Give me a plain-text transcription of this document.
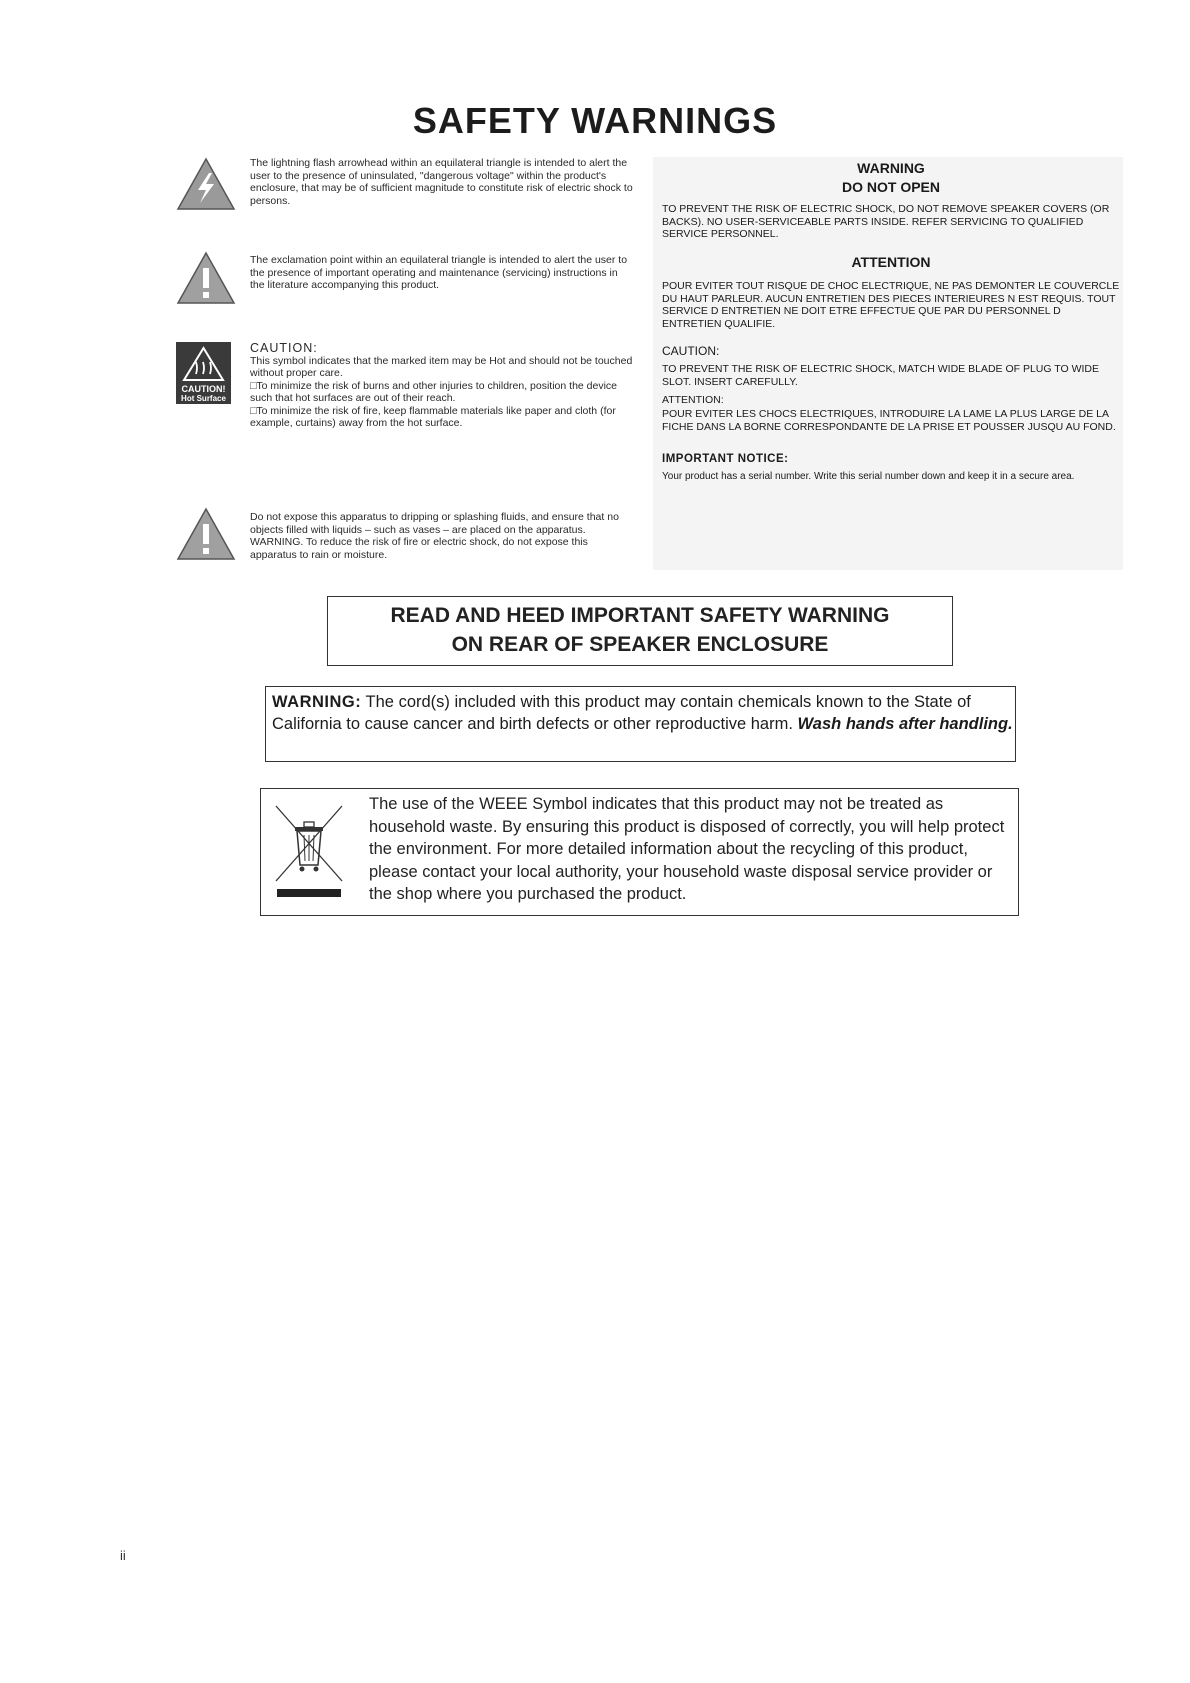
SAFETY WARNINGS
CAUTION!
Hot Surface

The lightning flash arrowhead within an equilateral triangle is intended to alert the user to the presence of uninsulated, "dangerous voltage" within the product's enclosure, that may be of sufficient magnitude to constitute risk of electric shock to persons.

The exclamation point within an equilateral triangle is intended to alert the user to the presence of important operating and maintenance (servicing) instructions in the literature accompanying this product.

CAUTION:

This symbol indicates that the marked item may be Hot and should not be touched without proper care.

□To minimize the risk of burns and other injuries to children, position the device such that hot surfaces are out of their reach.

□To minimize the risk of fire, keep flammable materials like paper and cloth (for example, curtains) away from the hot surface.

Do not expose this apparatus to dripping or splashing fluids, and ensure that no objects filled with liquids – such as vases – are placed on the apparatus. WARNING. To reduce the risk of fire or electric shock, do not expose this apparatus to rain or moisture.

WARNING
DO NOT OPEN
TO PREVENT THE RISK OF ELECTRIC SHOCK, DO NOT REMOVE SPEAKER COVERS (OR BACKS). NO USER-SERVICEABLE PARTS INSIDE. REFER SERVICING TO QUALIFIED SERVICE PERSONNEL.
ATTENTION
POUR EVITER TOUT RISQUE DE CHOC ELECTRIQUE, NE PAS DEMONTER LE COUVERCLE DU HAUT PARLEUR. AUCUN ENTRETIEN DES PIECES INTERIEURES N EST REQUIS. TOUT SERVICE D ENTRETIEN NE DOIT ETRE EFFECTUE QUE PAR DU PERSONNEL D ENTRETIEN QUALIFIE.
CAUTION:
TO PREVENT THE RISK OF ELECTRIC SHOCK, MATCH WIDE BLADE OF PLUG TO WIDE SLOT. INSERT CAREFULLY.
ATTENTION:
POUR EVITER LES CHOCS ELECTRIQUES, INTRODUIRE LA LAME LA PLUS LARGE DE LA FICHE DANS LA BORNE CORRESPONDANTE DE LA PRISE ET POUSSER JUSQU AU FOND.
IMPORTANT NOTICE:
Your product has a serial number. Write this serial number down and keep it in a secure area.
READ AND HEED IMPORTANT SAFETY WARNING
ON REAR OF SPEAKER ENCLOSURE
WARNING: The cord(s) included with this product may contain chemicals known to the State of California to cause cancer and birth defects or other reproductive harm. Wash hands after handling.
The use of the WEEE Symbol indicates that this product may not be treated as household waste. By ensuring this product is disposed of correctly, you will help protect the environment. For more detailed information about the recycling of this product, please contact your local authority, your household waste disposal service provider or the shop where you purchased the product.
ii
